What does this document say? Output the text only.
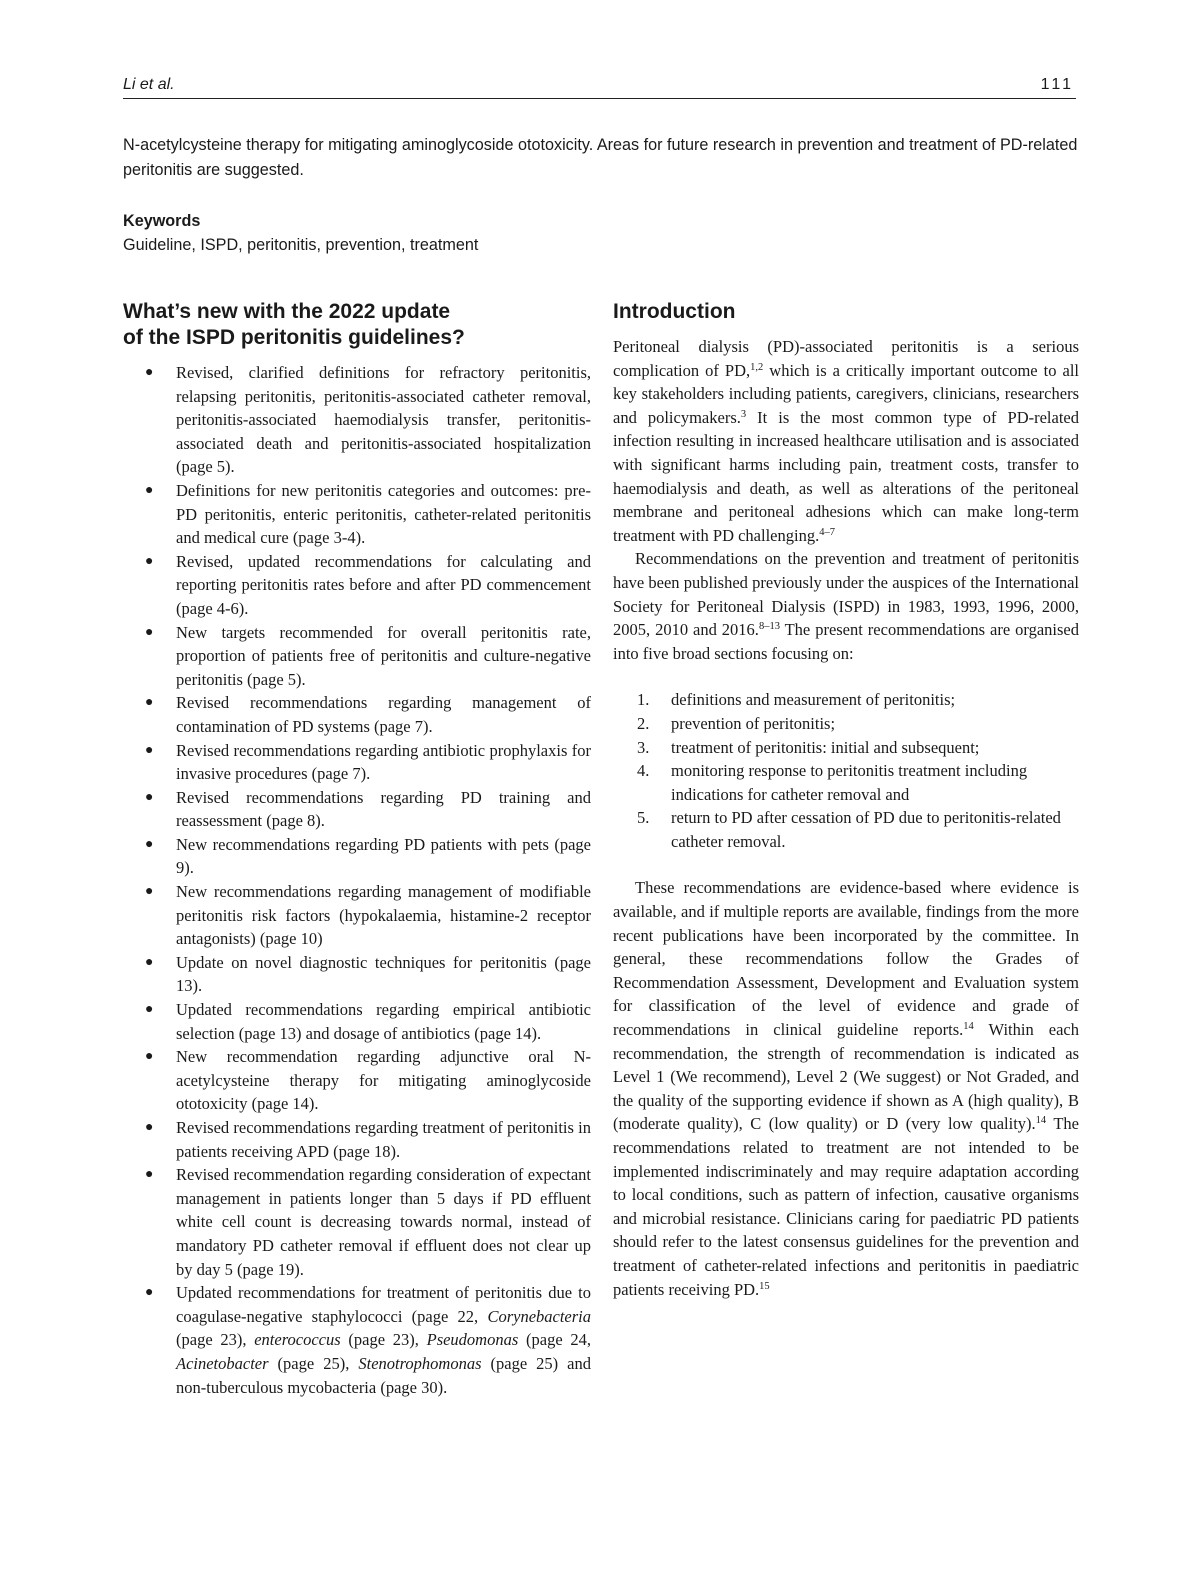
Li et al.	111

N-acetylcysteine therapy for mitigating aminoglycoside ototoxicity. Areas for future research in prevention and treatment of PD-related peritonitis are suggested.

Keywords
Guideline, ISPD, peritonitis, prevention, treatment
What’s new with the 2022 update
of the ISPD peritonitis guidelines?
● Revised, clarified definitions for refractory peritonitis, relapsing peritonitis, peritonitis-associated catheter removal, peritonitis-associated haemodialysis transfer, peritonitis-associated death and peritonitis-associated hospitalization (page 5).
● Definitions for new peritonitis categories and outcomes: pre-PD peritonitis, enteric peritonitis, catheter-related peritonitis and medical cure (page 3-4).
● Revised, updated recommendations for calculating and reporting peritonitis rates before and after PD commencement (page 4-6).
● New targets recommended for overall peritonitis rate, proportion of patients free of peritonitis and culture-negative peritonitis (page 5).
● Revised recommendations regarding management of contamination of PD systems (page 7).
● Revised recommendations regarding antibiotic prophylaxis for invasive procedures (page 7).
● Revised recommendations regarding PD training and reassessment (page 8).
● New recommendations regarding PD patients with pets (page 9).
● New recommendations regarding management of modifiable peritonitis risk factors (hypokalaemia, histamine-2 receptor antagonists) (page 10)
● Update on novel diagnostic techniques for peritonitis (page 13).
● Updated recommendations regarding empirical antibiotic selection (page 13) and dosage of antibiotics (page 14).
● New recommendation regarding adjunctive oral N-acetylcysteine therapy for mitigating aminoglycoside ototoxicity (page 14).
● Revised recommendations regarding treatment of peritonitis in patients receiving APD (page 18).
● Revised recommendation regarding consideration of expectant management in patients longer than 5 days if PD effluent white cell count is decreasing towards normal, instead of mandatory PD catheter removal if effluent does not clear up by day 5 (page 19).
● Updated recommendations for treatment of peritonitis due to coagulase-negative staphylococci (page 22, Corynebacteria (page 23), enterococcus (page 23), Pseudomonas (page 24, Acinetobacter (page 25), Stenotrophomonas (page 25) and non-tuberculous mycobacteria (page 30).
Introduction

Peritoneal dialysis (PD)-associated peritonitis is a serious complication of PD,$^{1,2}$ which is a critically important outcome to all key stakeholders including patients, caregivers, clinicians, researchers and policymakers.$^3$ It is the most common type of PD-related infection resulting in increased healthcare utilisation and is associated with significant harms including pain, treatment costs, transfer to haemodialysis and death, as well as alterations of the peritoneal membrane and peritoneal adhesions which can make long-term treatment with PD challenging.$^{4-7}$

Recommendations on the prevention and treatment of peritonitis have been published previously under the auspices of the International Society for Peritoneal Dialysis (ISPD) in 1983, 1993, 1996, 2000, 2005, 2010 and 2016.$^{8-13}$ The present recommendations are organised into five broad sections focusing on:

1. definitions and measurement of peritonitis;
2. prevention of peritonitis;
3. treatment of peritonitis: initial and subsequent;
4. monitoring response to peritonitis treatment including indications for catheter removal and
5. return to PD after cessation of PD due to peritonitis-related catheter removal.

These recommendations are evidence-based where evidence is available, and if multiple reports are available, findings from the more recent publications have been incorporated by the committee. In general, these recommendations follow the Grades of Recommendation Assessment, Development and Evaluation system for classification of the level of evidence and grade of recommendations in clinical guideline reports.$^{14}$ Within each recommendation, the strength of recommendation is indicated as Level 1 (We recommend), Level 2 (We suggest) or Not Graded, and the quality of the supporting evidence if shown as A (high quality), B (moderate quality), C (low quality) or D (very low quality).$^{14}$ The recommendations related to treatment are not intended to be implemented indiscriminately and may require adaptation according to local conditions, such as pattern of infection, causative organisms and microbial resistance. Clinicians caring for paediatric PD patients should refer to the latest consensus guidelines for the prevention and treatment of catheter-related infections and peritonitis in paediatric patients receiving PD.$^{15}$
